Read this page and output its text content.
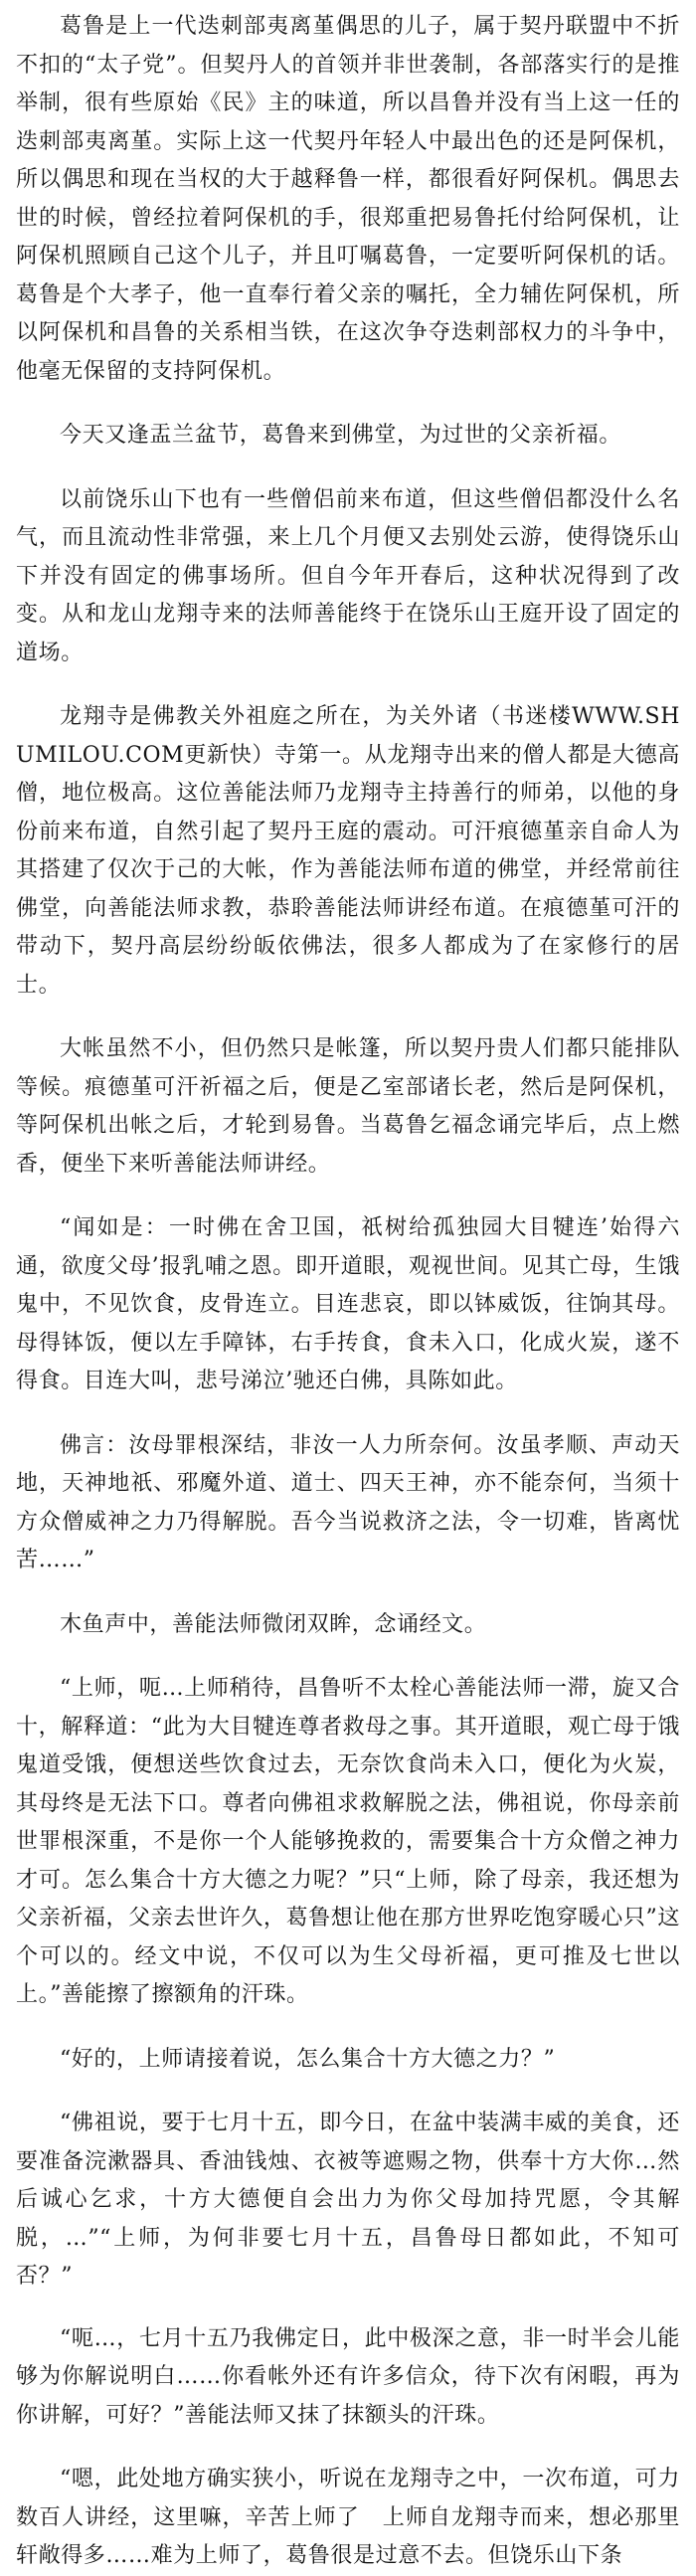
葛鲁是上一代迭刺部夷离堇偶思的儿子，属于契丹联盟中不折不扣的“太子党”。但契丹人的首领并非世袭制，各部落实行的是推举制，很有些原始《民》主的味道，所以昌鲁并没有当上这一任的迭刺部夷离堇。实际上这一代契丹年轻人中最出色的还是阿保机，所以偶思和现在当权的大于越释鲁一样，都很看好阿保机。偶思去世的时候，曾经拉着阿保机的手，很郑重把易鲁托付给阿保机，让阿保机照顾自己这个儿子，并且叮嘱葛鲁，一定要听阿保机的话。葛鲁是个大孝子，他一直奉行着父亲的嘱托，全力辅佐阿保机，所以阿保机和昌鲁的关系相当铁，在这次争夺迭刺部权力的斗争中，他毫无保留的支持阿保机。

今天又逢盂兰盆节，葛鲁来到佛堂，为过世的父亲祈福。

以前饶乐山下也有一些僧侣前来布道，但这些僧侣都没什么名气，而且流动性非常强，来上几个月便又去别处云游，使得饶乐山下并没有固定的佛事场所。但自今年开春后，这种状况得到了改变。从和龙山龙翔寺来的法师善能终于在饶乐山王庭开设了固定的道场。

龙翔寺是佛教关外祖庭之所在，为关外诸（书迷楼WWW.SHUMILOU.COM更新快）寺第一。从龙翔寺出来的僧人都是大德高僧，地位极高。这位善能法师乃龙翔寺主持善行的师弟，以他的身份前来布道，自然引起了契丹王庭的震动。可汗痕德堇亲自命人为其搭建了仅次于己的大帐，作为善能法师布道的佛堂，并经常前往佛堂，向善能法师求教，恭聆善能法师讲经布道。在痕德堇可汗的带动下，契丹高层纷纷皈依佛法，很多人都成为了在家修行的居士。

大帐虽然不小，但仍然只是帐篷，所以契丹贵人们都只能排队等候。痕德堇可汗祈福之后，便是乙室部诸长老，然后是阿保机，等阿保机出帐之后，才轮到易鲁。当葛鲁乞福念诵完毕后，点上燃香，便坐下来听善能法师讲经。

“闻如是：一时佛在舍卫国，祇树给孤独园大目犍连’始得六通，欲度父母’报乳哺之恩。即开道眼，观视世间。见其亡母，生饿鬼中，不见饮食，皮骨连立。目连悲哀，即以钵威饭，往饷其母。母得钵饭，便以左手障钵，右手抟食，食未入口，化成火炭，遂不得食。目连大叫，悲号涕泣’驰还白佛，具陈如此。

佛言：汝母罪根深结，非汝一人力所奈何。汝虽孝顺、声动天地，天神地祇、邪魔外道、道士、四天王神，亦不能奈何，当须十方众僧威神之力乃得解脱。吾今当说救济之法，令一切难，皆离忧苦……”

木鱼声中，善能法师微闭双眸，念诵经文。

“上师，呃…上师稍待，昌鲁听不太栓心善能法师一滞，旋又合十，解释道：“此为大目犍连尊者救母之事。其开道眼，观亡母于饿鬼道受饿，便想送些饮食过去，无奈饮食尚未入口，便化为火炭，其母终是无法下口。尊者向佛祖求救解脱之法，佛祖说，你母亲前世罪根深重，不是你一个人能够挽救的，需要集合十方众僧之神力才可。怎么集合十方大德之力呢？”只“上师，除了母亲，我还想为父亲祈福，父亲去世许久，葛鲁想让他在那方世界吃饱穿暖心只”这个可以的。经文中说，不仅可以为生父母祈福，更可推及七世以上。”善能擦了擦额角的汗珠。

“好的，上师请接着说，怎么集合十方大德之力？”

“佛祖说，要于七月十五，即今日，在盆中装满丰威的美食，还要准备浣漱器具、香油钱烛、衣被等遮赐之物，供奉十方大你…然后诚心乞求，十方大德便自会出力为你父母加持咒愿，令其解脱，…”“上师，为何非要七月十五，昌鲁母日都如此，不知可否？”

“呃…，七月十五乃我佛定日，此中极深之意，非一时半会儿能够为你解说明白……你看帐外还有许多信众，待下次有闲暇，再为你讲解，可好？”善能法师又抹了抹额头的汗珠。

“嗯，此处地方确实狭小，听说在龙翔寺之中，一次布道，可力数百人讲经，这里嘛，辛苦上师了　上师自龙翔寺而来，想必那里轩敞得多……难为上师了，葛鲁很是过意不去。但饶乐山下条
